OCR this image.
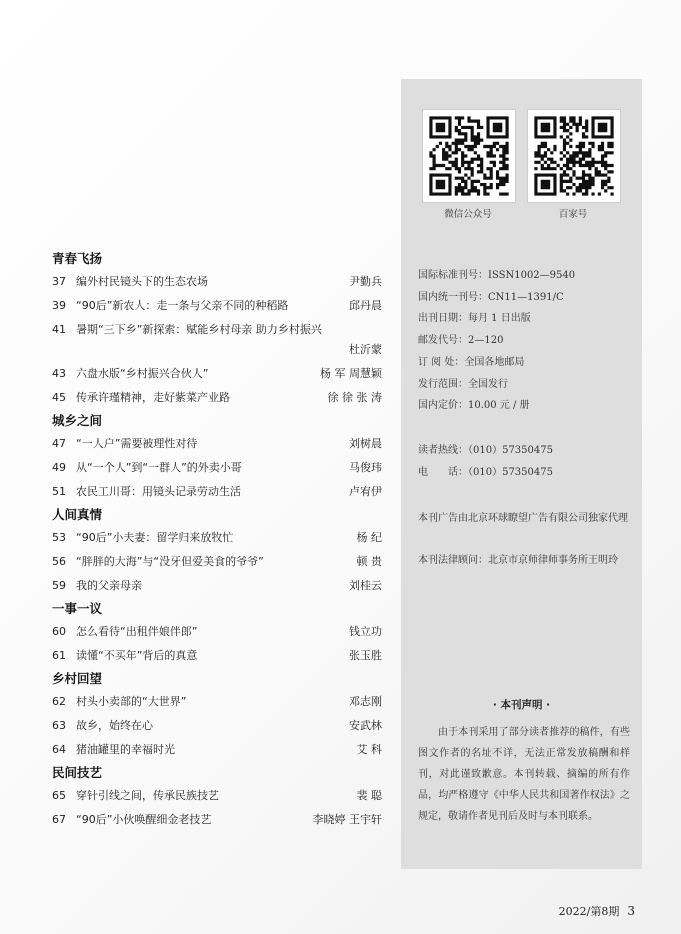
青春飞扬
37 编外村民镜头下的生态农场	尹勤兵
39 “90后”新农人：走一条与父亲不同的种稻路	邱丹晨
41 暑期“三下乡”新探索：赋能乡村母亲 助力乡村振兴
杜沂蒙
43 六盘水版“乡村振兴合伙人”	杨 军 周慧颖
45 传承许瑾精神，走好紫菜产业路	徐 徐 张 涛
城乡之间
47 “一人户”需要被理性对待	刘树晨
49 从“一个人”到“一群人”的外卖小哥	马俊玮
51 农民工川哥：用镜头记录劳动生活	卢宥伊
人间真情
53 “90后”小夫妻：留学归来放牧忙	杨 纪
56 “胖胖的大海”与“没牙但爱美食的爷爷”	顿 贵
59 我的父亲母亲	刘桂云
一事一议
60 怎么看待“出租伴娘伴郎”	钱立功
61 读懂“不买年”背后的真意	张玉胜
乡村回望
62 村头小卖部的“大世界”	邓志刚
63 故乡，始终在心	安武林
64 猪油罐里的幸福时光	艾 科
民间技艺
65 穿针引线之间，传承民族技艺	裴 聪
67 “90后”小伙唤醒细金老技艺	李晓婷 王宇轩
微信公众号	百家号
国际标准刊号：ISSN1002—9540
国内统一刊号：CN11—1391/C
出刊日期：每月 1 日出版
邮发代号：2—120
订 阅 处：全国各地邮局
发行范围：全国发行
国内定价：10.00 元 / 册
读者热线：（010）57350475
电　　话：（010）57350475
本刊广告由北京环球瞭望广告有限公司独家代理
本刊法律顾问：北京市京师律师事务所王明玲
· 本刊声明 ·
由于本刊采用了部分读者推荐的稿件，有些图文作者的名址不详，无法正常发放稿酬和样刊，对此谨致歉意。本刊转载、摘编的所有作品，均严格遵守《中华人民共和国著作权法》之规定，敬请作者见刊后及时与本刊联系。
2022/第8期 3
